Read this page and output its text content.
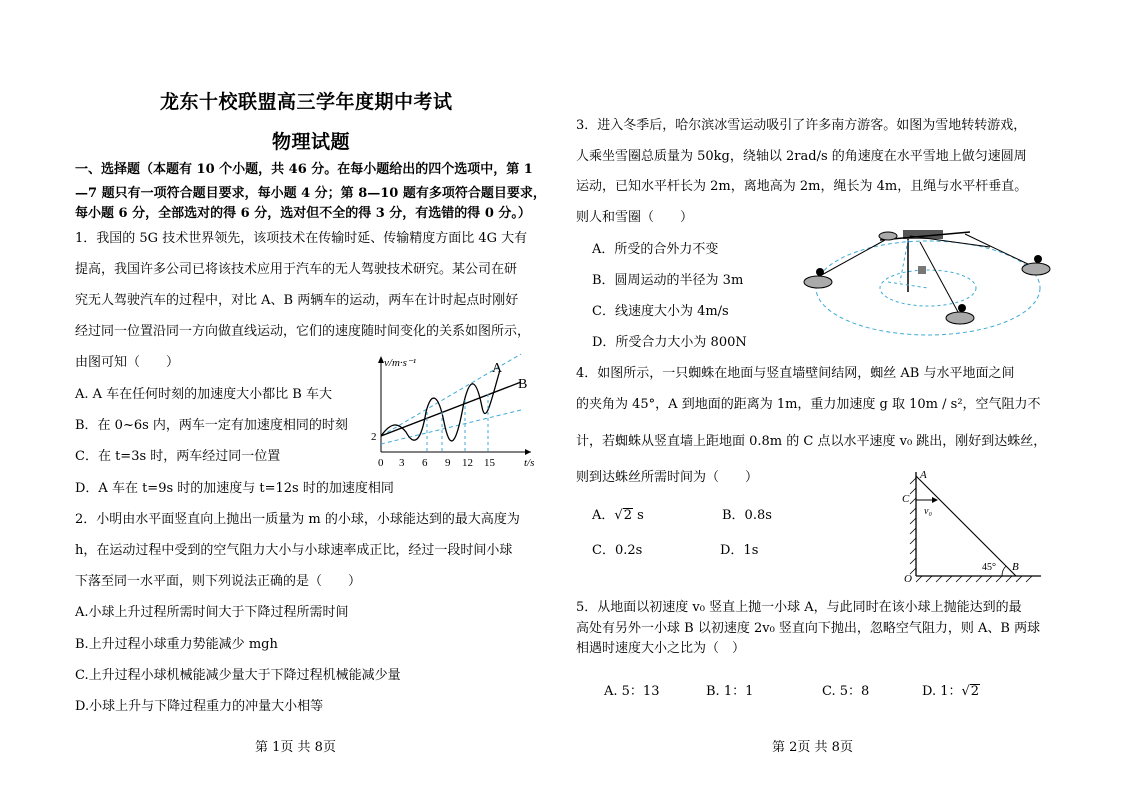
龙东十校联盟高三学年度期中考试
物理试题
一、选择题（本题有 10 个小题，共 46 分。在每小题给出的四个选项中，第 1
—7 题只有一项符合题目要求，每小题 4 分；第 8—10 题有多项符合题目要求，
每小题 6 分，全部选对的得 6 分，选对但不全的得 3 分，有选错的得 0 分。）
1．我国的 5G 技术世界领先，该项技术在传输时延、传输精度方面比 4G 大有
提高，我国许多公司已将该技术应用于汽车的无人驾驶技术研究。某公司在研
究无人驾驶汽车的过程中，对比 A、B 两辆车的运动，两车在计时起点时刚好
经过同一位置沿同一方向做直线运动，它们的速度随时间变化的关系如图所示，
由图可知（　　）
A. A 车在任何时刻的加速度大小都比 B 车大
B．在 0~6s 内，两车一定有加速度相同的时刻
C．在 t=3s 时，两车经过同一位置
D．A 车在 t=9s 时的加速度与 t=12s 时的加速度相同
v/m·s⁻¹
t/s
2
0 3 6 9 12 15
A
B
2．小明由水平面竖直向上抛出一质量为 m 的小球，小球能达到的最大高度为
h，在运动过程中受到的空气阻力大小与小球速率成正比，经过一段时间小球
下落至同一水平面，则下列说法正确的是（　　）
A.小球上升过程所需时间大于下降过程所需时间
B.上升过程小球重力势能减少 mgh
C.上升过程小球机械能减少量大于下降过程机械能减少量
D.小球上升与下降过程重力的冲量大小相等
第 1页 共 8页
3．进入冬季后，哈尔滨冰雪运动吸引了许多南方游客。如图为雪地转转游戏，
人乘坐雪圈总质量为 50kg，绕轴以 2rad/s 的角速度在水平雪地上做匀速圆周
运动，已知水平杆长为 2m，离地高为 2m，绳长为 4m，且绳与水平杆垂直。
则人和雪圈（　　）
A．所受的合外力不变
B．圆周运动的半径为 3m
C．线速度大小为 4m/s
D．所受合力大小为 800N
4．如图所示，一只蜘蛛在地面与竖直墙壁间结网，蜘丝 AB 与水平地面之间
的夹角为 45°，A 到地面的距离为 1m，重力加速度 g 取 10m / s²，空气阻力不
计，若蜘蛛从竖直墙上距地面 0.8m 的 C 点以水平速度 v₀ 跳出，刚好到达蛛丝，
则到达蛛丝所需时间为（　　）
A．√2 s	B．0.8s
C．0.2s	D．1s
A
C
O
B
v₀
45°
5．从地面以初速度 v₀ 竖直上抛一小球 A，与此同时在该小球上抛能达到的最
高处有另外一小球 B 以初速度 2v₀ 竖直向下抛出，忽略空气阻力，则 A、B 两球
相遇时速度大小之比为（　）
A. 5：13	B. 1：1	C. 5：8	D. 1：√2
第 2页 共 8页
